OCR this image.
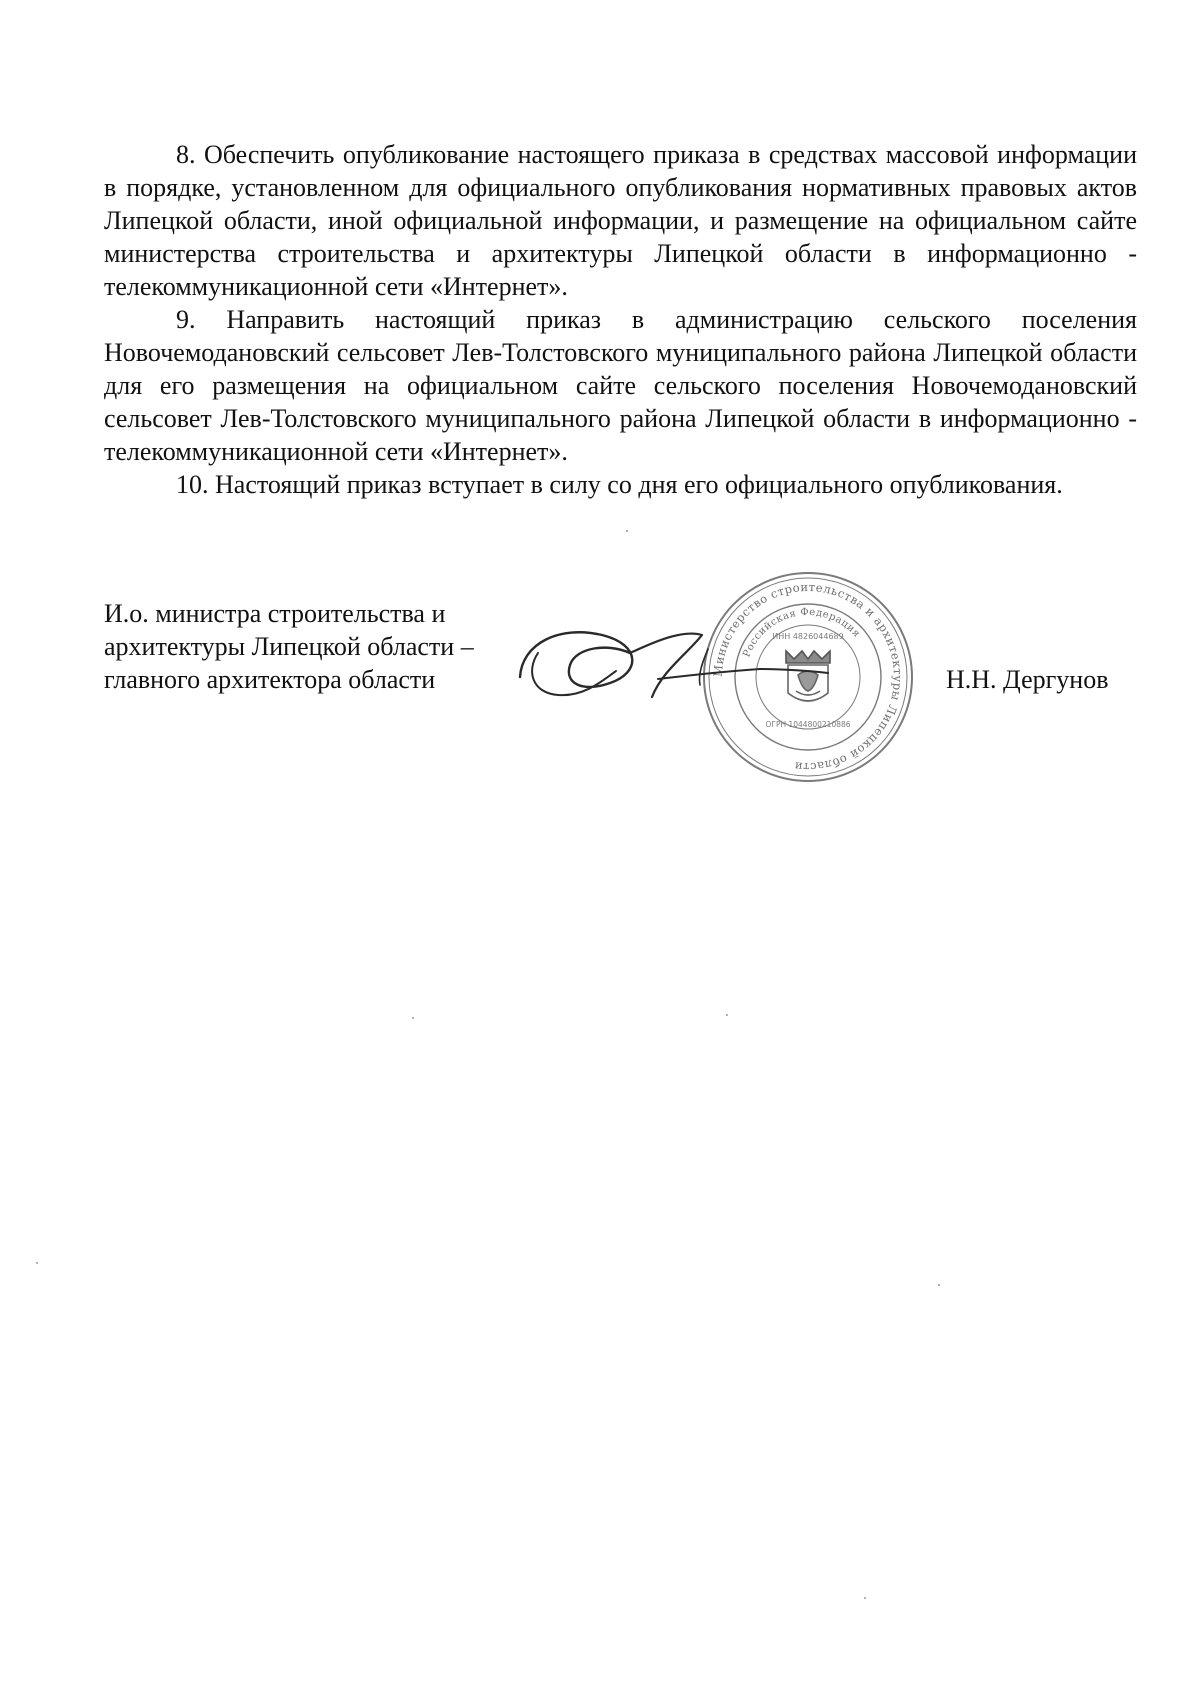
8. Обеспечить опубликование настоящего приказа в средствах массовой информации в порядке, установленном для официального опубликования нормативных правовых актов Липецкой области, иной официальной информации, и размещение на официальном сайте министерства строительства и архитектуры Липецкой области в информационно - телекоммуникационной сети «Интернет».

9. Направить настоящий приказ в администрацию сельского поселения Новочемодановский сельсовет Лев-Толстовского муниципального района Липецкой области для его размещения на официальном сайте сельского поселения Новочемодановский сельсовет Лев-Толстовского муниципального района Липецкой области в информационно - телекоммуникационной сети «Интернет».

10. Настоящий приказ вступает в силу со дня его официального опубликования.

И.о. министра строительства и
архитектуры Липецкой области –
главного архитектора области	Министерство строительства и архитектуры Липецкой области
Российская Федерация
ИНН 4826044689
ОГРН 1044800210886
Н.Н. Дергунов
